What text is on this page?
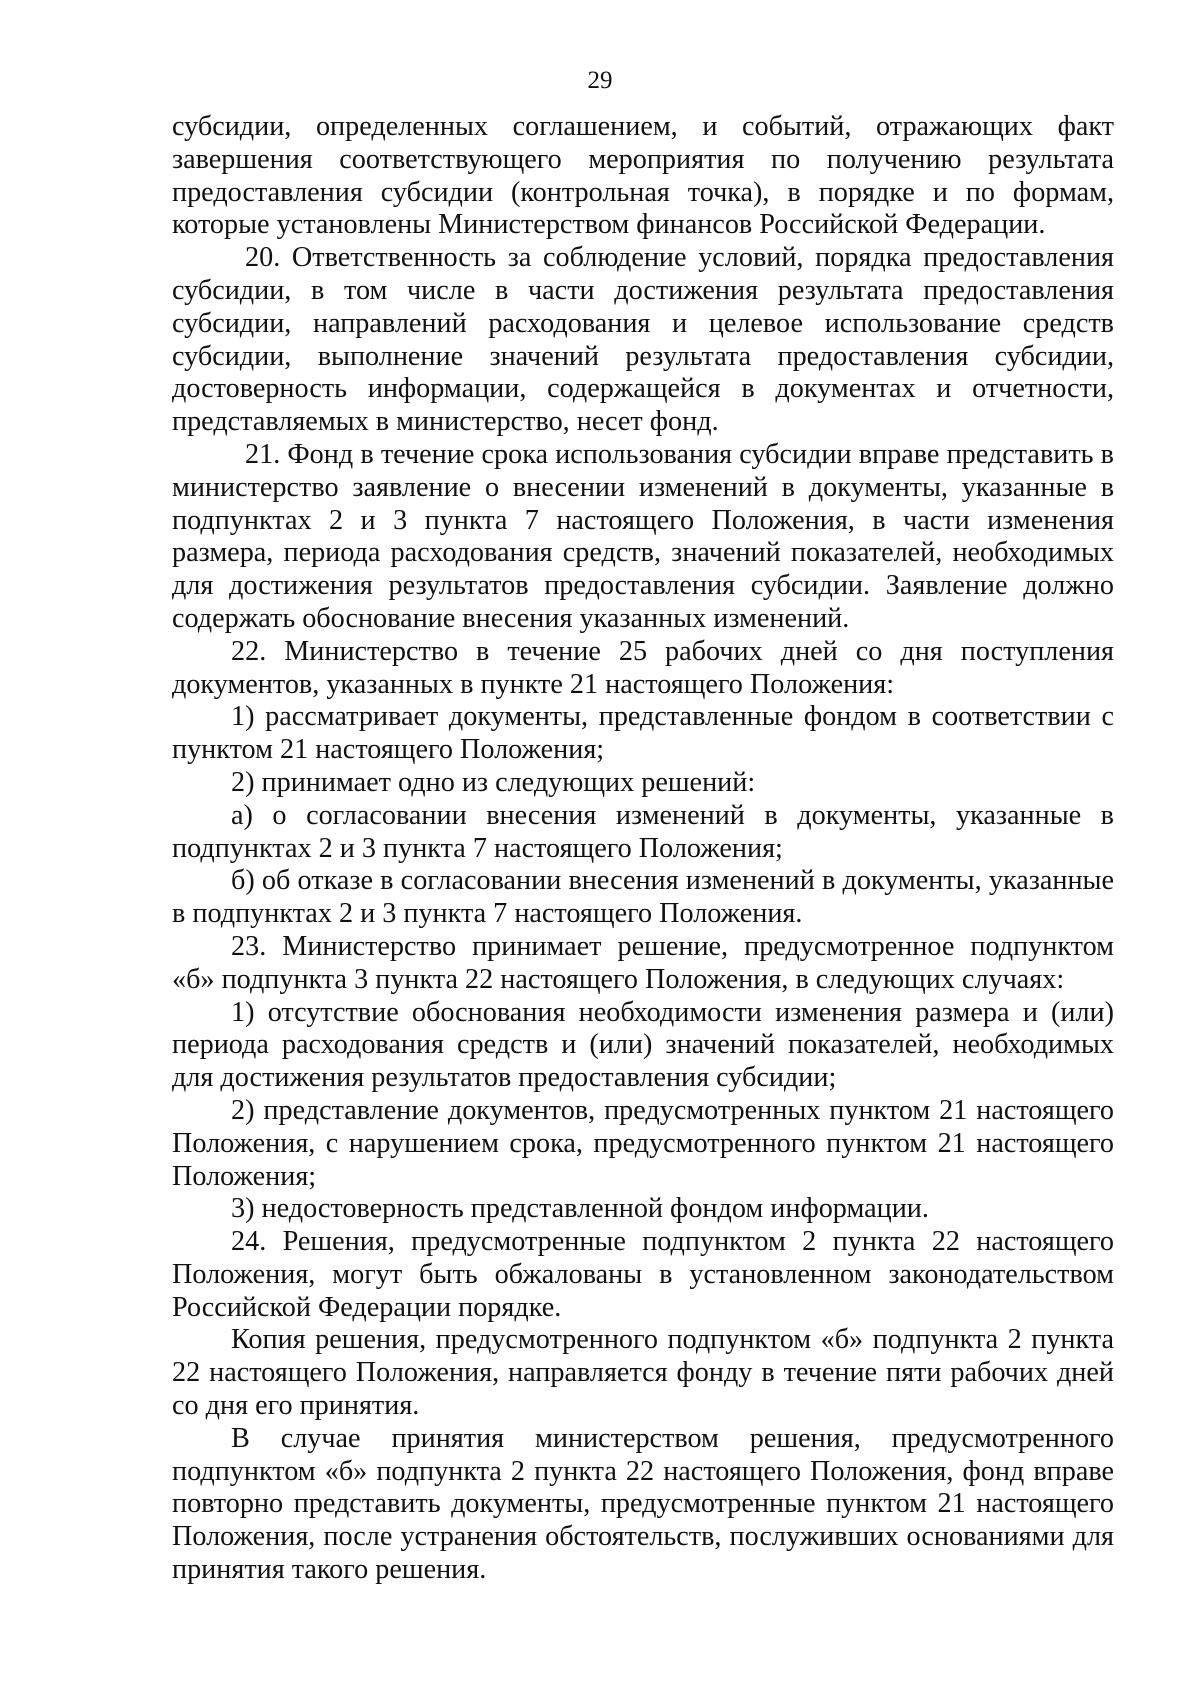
29

субсидии, определенных соглашением, и событий, отражающих факт завершения соответствующего мероприятия по получению результата предоставления субсидии (контрольная точка), в порядке и по формам, которые установлены Министерством финансов Российской Федерации.

20. Ответственность за соблюдение условий, порядка предоставления субсидии, в том числе в части достижения результата предоставления субсидии, направлений расходования и целевое использование средств субсидии, выполнение значений результата предоставления субсидии, достоверность информации, содержащейся в документах и отчетности, представляемых в министерство, несет фонд.

21. Фонд в течение срока использования субсидии вправе представить в министерство заявление о внесении изменений в документы, указанные в подпунктах 2 и 3 пункта 7 настоящего Положения, в части изменения размера, периода расходования средств, значений показателей, необходимых для достижения результатов предоставления субсидии. Заявление должно содержать обоснование внесения указанных изменений.

22. Министерство в течение 25 рабочих дней со дня поступления документов, указанных в пункте 21 настоящего Положения:

1) рассматривает документы, представленные фондом в соответствии с пунктом 21 настоящего Положения;

2) принимает одно из следующих решений:

а) о согласовании внесения изменений в документы, указанные в подпунктах 2 и 3 пункта 7 настоящего Положения;

б) об отказе в согласовании внесения изменений в документы, указанные в подпунктах 2 и 3 пункта 7 настоящего Положения.

23. Министерство принимает решение, предусмотренное подпунктом «б» подпункта 3 пункта 22 настоящего Положения, в следующих случаях:

1) отсутствие обоснования необходимости изменения размера и (или) периода расходования средств и (или) значений показателей, необходимых для достижения результатов предоставления субсидии;

2) представление документов, предусмотренных пунктом 21 настоящего Положения, с нарушением срока, предусмотренного пунктом 21 настоящего Положения;

3) недостоверность представленной фондом информации.

24. Решения, предусмотренные подпунктом 2 пункта 22 настоящего Положения, могут быть обжалованы в установленном законодательством Российской Федерации порядке.

Копия решения, предусмотренного подпунктом «б» подпункта 2 пункта 22 настоящего Положения, направляется фонду в течение пяти рабочих дней со дня его принятия.

В случае принятия министерством решения, предусмотренного подпунктом «б» подпункта 2 пункта 22 настоящего Положения, фонд вправе повторно представить документы, предусмотренные пунктом 21 настоящего Положения, после устранения обстоятельств, послуживших основаниями для принятия такого решения.
